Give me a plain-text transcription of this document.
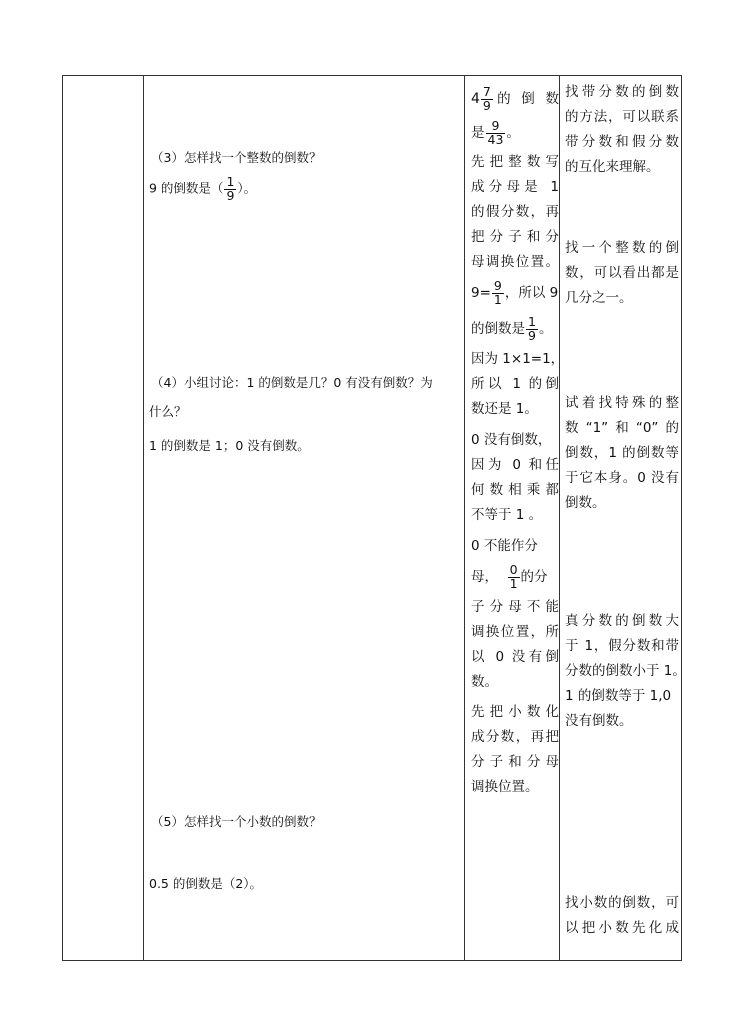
（3）怎样找一个整数的倒数？
9 的倒数是（ $\frac{1}{9}$ ）。
（4）小组讨论：1 的倒数是几？0 有没有倒数？为
什么？
1 的倒数是 1；0 没有倒数。
（5）怎样找一个小数的倒数？
0.5 的倒数是（2）。
$4 \frac{7}{9}$ 的 倒 数
是 $\frac{9}{43}$ 。
先把整数写
成分母是 1
的假分数，再
把分子和分
母调换位置。
$9= \frac{9}{1}$ ，所以 9
的倒数是 $\frac{1}{9}$ 。
因为 1×1=1，
所以 1 的倒
数还是 1。
0 没有倒数，
因为 0 和任
何数相乘都
不等于 1 。
0 不能作分
母， $\frac{0}{1}$ 的分
子分母不能
调换位置，所
以 0 没有倒
数。
先把小数化
成分数，再把
分子和分母
调换位置。
找带分数的倒数
的方法，可以联系
带分数和假分数
的互化来理解。
找一个整数的倒
数，可以看出都是
几分之一。
试着找特殊的整
数“1”和“0”的
倒数，1 的倒数等
于它本身。0 没有
倒数。
真分数的倒数大
于 1，假分数和带
分数的倒数小于 1。
1 的倒数等于 1,0
没有倒数。
找小数的倒数，可
以把小数先化成
